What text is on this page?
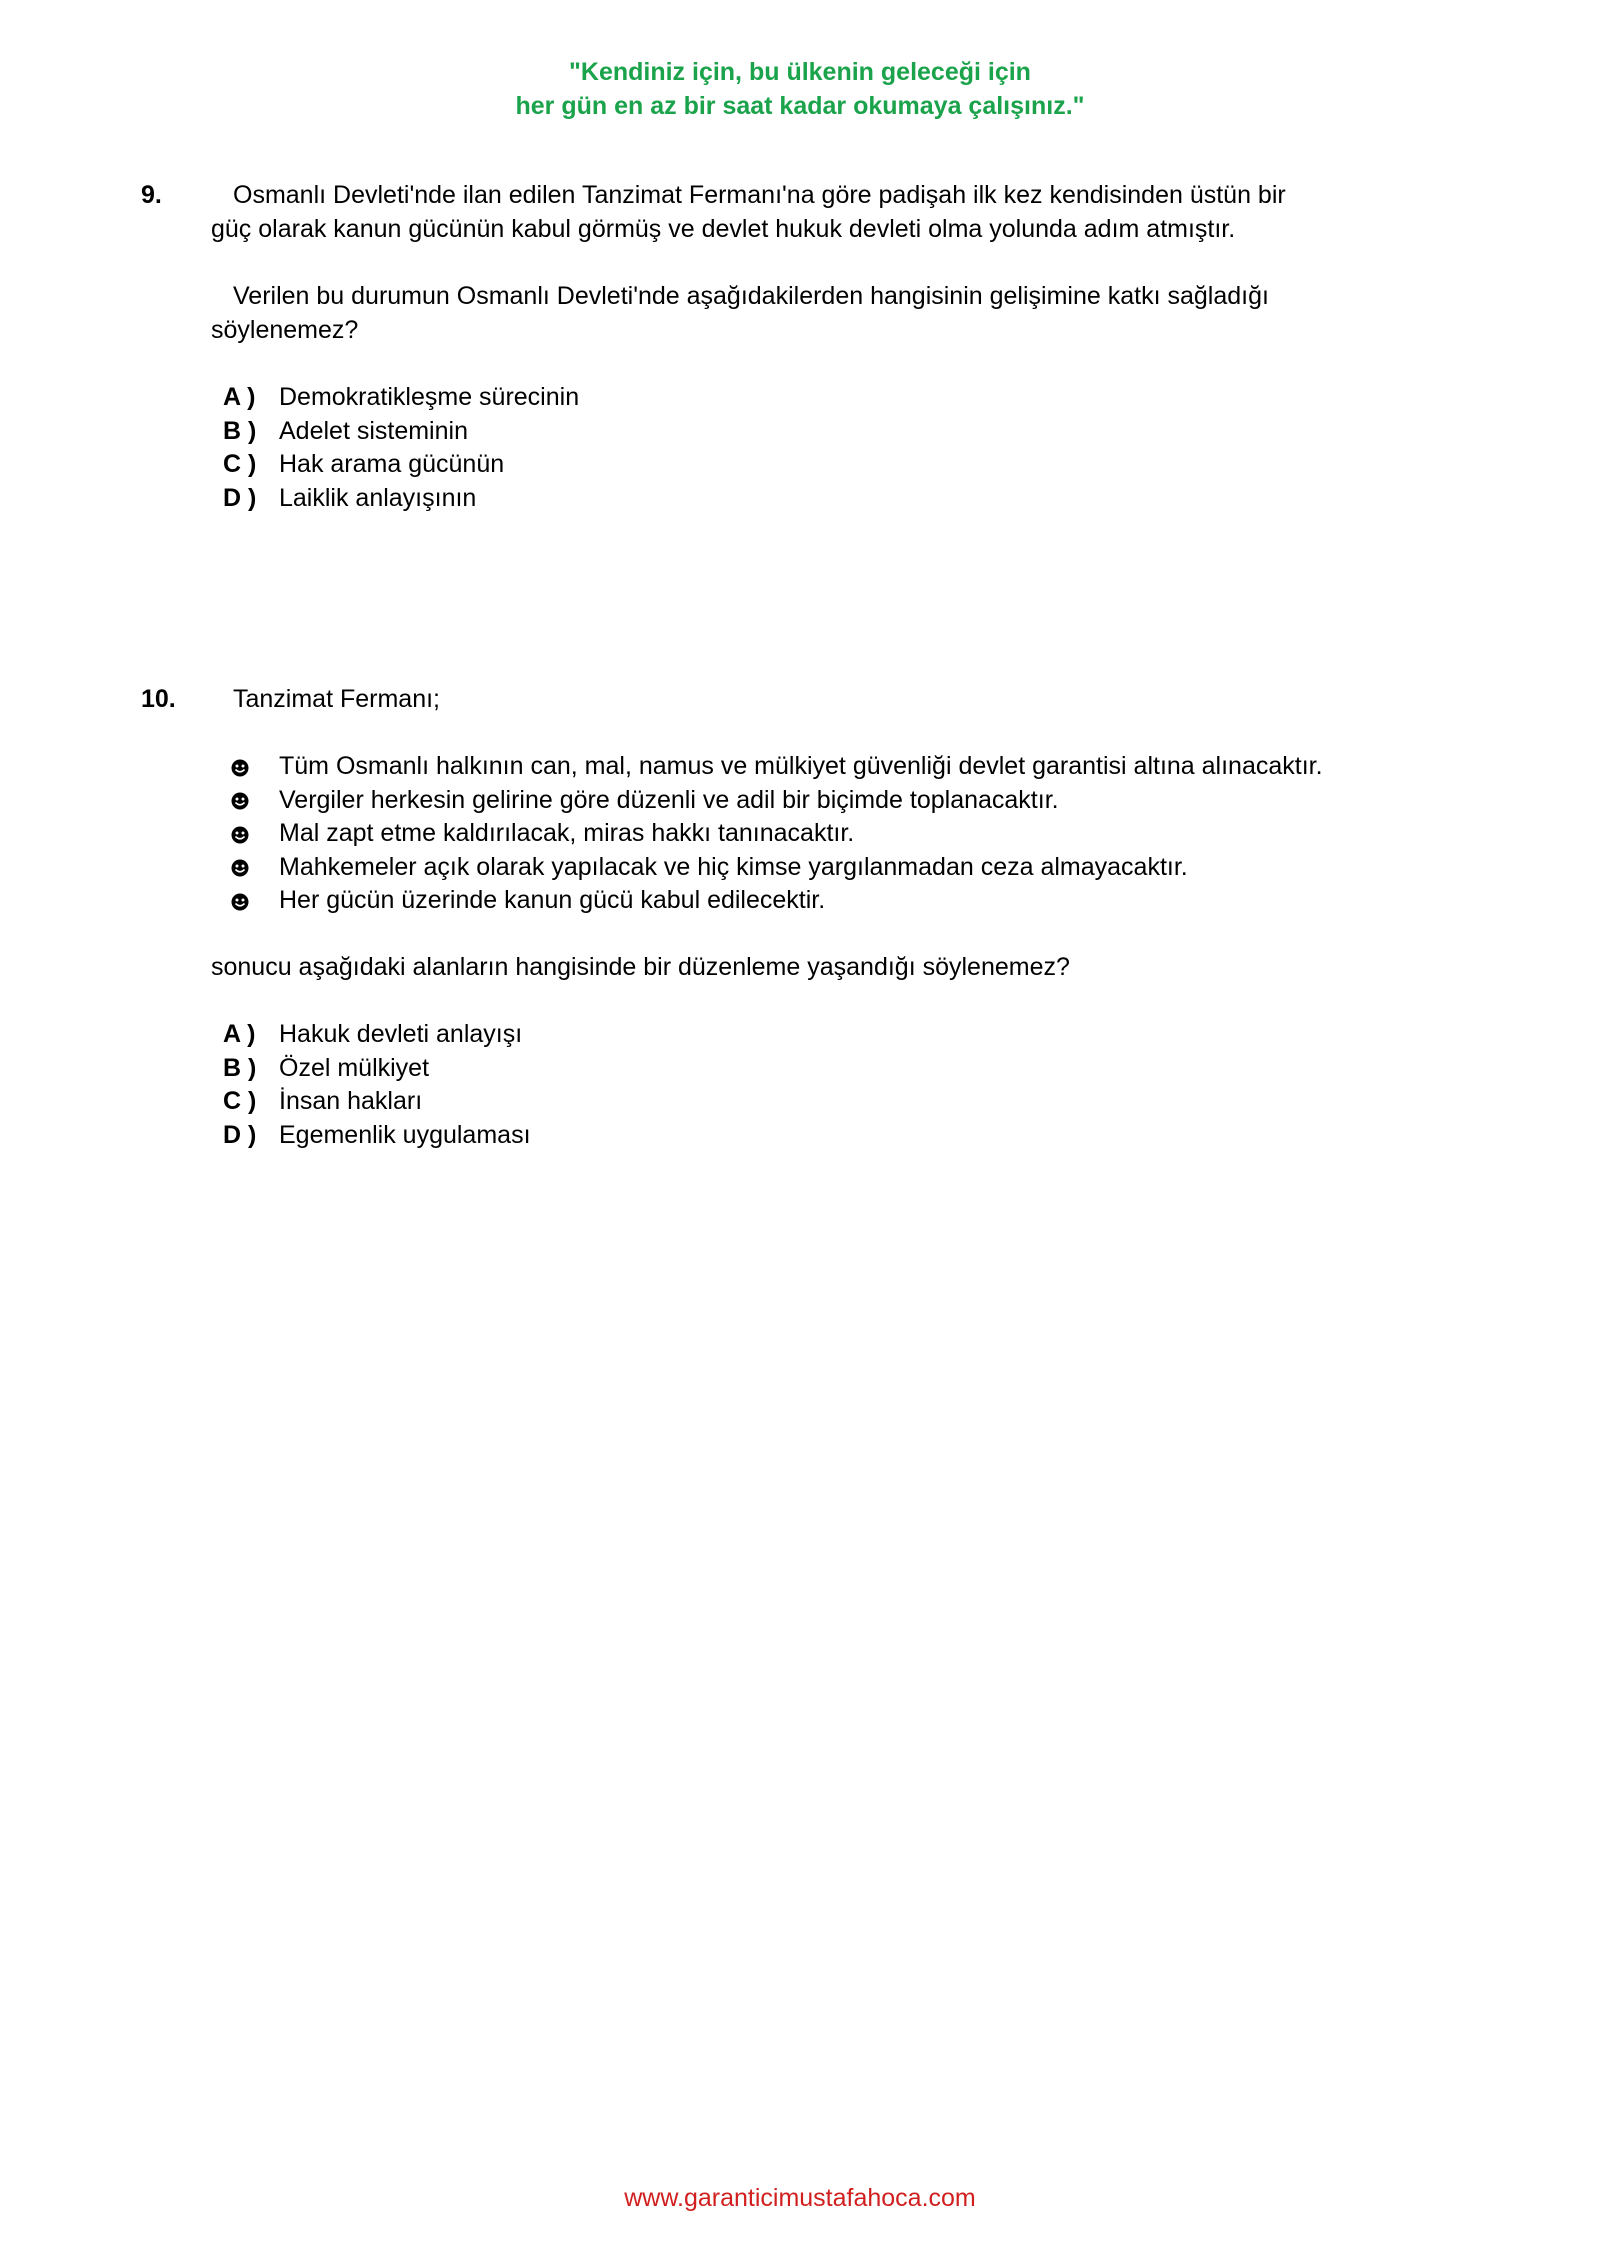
"Kendiniz için, bu ülkenin geleceği için
her gün en az bir saat kadar okumaya çalışınız."
9.	Osmanlı Devleti'nde ilan edilen Tanzimat Fermanı'na göre padişah ilk kez kendisinden üstün bir
güç olarak kanun gücünün kabul görmüş ve devlet hukuk devleti olma yolunda adım atmıştır.
Verilen bu durumun Osmanlı Devleti'nde aşağıdakilerden hangisinin gelişimine katkı sağladığı
söylenemez?
A ) Demokratikleşme sürecinin
B ) Adelet sisteminin
C ) Hak arama gücünün
D ) Laiklik anlayışının
10. Tanzimat Fermanı;
Tüm Osmanlı halkının can, mal, namus ve mülkiyet güvenliği devlet garantisi altına alınacaktır.
Vergiler herkesin gelirine göre düzenli ve adil bir biçimde toplanacaktır.
Mal zapt etme kaldırılacak, miras hakkı tanınacaktır.
Mahkemeler açık olarak yapılacak ve hiç kimse yargılanmadan ceza almayacaktır.
Her gücün üzerinde kanun gücü kabul edilecektir.
sonucu aşağıdaki alanların hangisinde bir düzenleme yaşandığı söylenemez?
A ) Hakuk devleti anlayışı
B ) Özel mülkiyet
C ) İnsan hakları
D ) Egemenlik uygulaması
www.garanticimustafahoca.com
